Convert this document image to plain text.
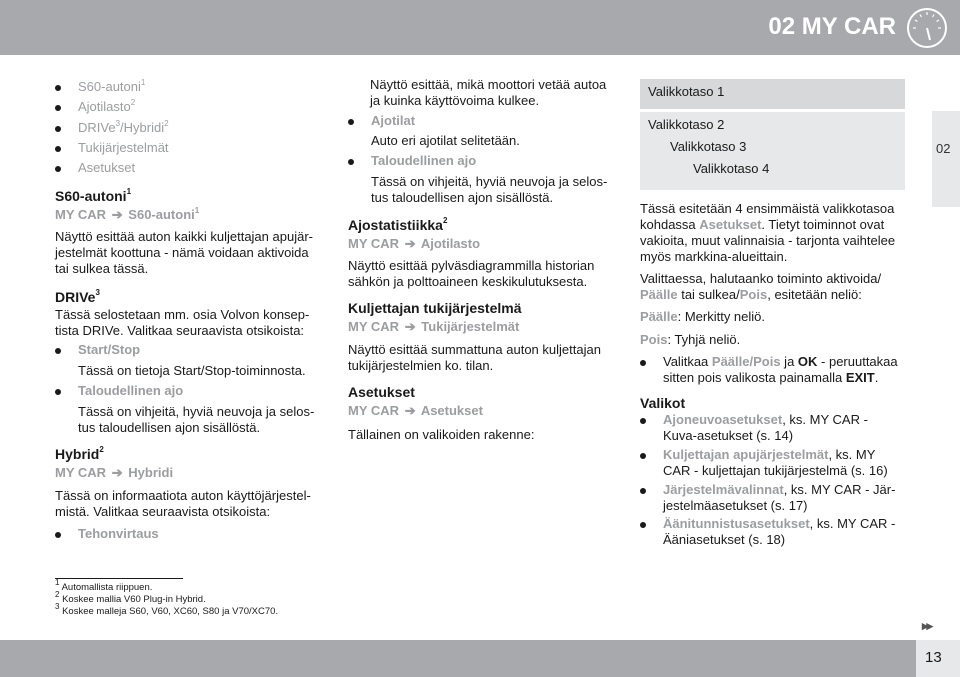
02 MY CAR
02
S60-autoni$^1$
Ajotilasto$^2$
DRIVe$^3$/Hybridi$^2$
Tukijärjestelmät
Asetukset
S60-autoni$^1$
MY CAR ➔ S60-autoni$^1$
Näyttö esittää auton kaikki kuljettajan apujär-
jestelmät koottuna - nämä voidaan aktivoida
tai sulkea tässä.
DRIVe$^3$
Tässä selostetaan mm. osia Volvon konsep-
tista DRIVe. Valitkaa seuraavista otsikoista:
Start/Stop
Tässä on tietoja Start/Stop-toiminnosta.
Taloudellinen ajo
Tässä on vihjeitä, hyviä neuvoja ja selos-
tus taloudellisen ajon sisällöstä.
Hybrid$^2$
MY CAR ➔ Hybridi
Tässä on informaatiota auton käyttöjärjestel-
mistä. Valitkaa seuraavista otsikoista:
Tehonvirtaus
Näyttö esittää, mikä moottori vetää autoa
ja kuinka käyttövoima kulkee.
Ajotilat
Auto eri ajotilat selitetään.
Taloudellinen ajo
Tässä on vihjeitä, hyviä neuvoja ja selos-
tus taloudellisen ajon sisällöstä.
Ajostatistiikka$^2$
MY CAR ➔ Ajotilasto
Näyttö esittää pylväsdiagrammilla historian
sähkön ja polttoaineen keskikulutuksesta.
Kuljettajan tukijärjestelmä
MY CAR ➔ Tukijärjestelmät
Näyttö esittää summattuna auton kuljettajan
tukijärjestelmien ko. tilan.
Asetukset
MY CAR ➔ Asetukset
Tällainen on valikoiden rakenne:
Valikkotaso 1
Valikkotaso 2
Valikkotaso 3
Valikkotaso 4
Tässä esitetään 4 ensimmäistä valikkotasoa
kohdassa Asetukset. Tietyt toiminnot ovat
vakioita, muut valinnaisia - tarjonta vaihtelee
myös markkina-alueittain.
Valittaessa, halutaanko toiminto aktivoida/
Päälle tai sulkea/Pois, esitetään neliö:
Päälle: Merkitty neliö.
Pois: Tyhjä neliö.
Valitkaa Päälle/Pois ja OK - peruuttakaa
sitten pois valikosta painamalla EXIT.
Valikot
Ajoneuvoasetukset, ks. MY CAR -
Kuva-asetukset (s. 14)
Kuljettajan apujärjestelmät, ks. MY
CAR - kuljettajan tukijärjestelmä (s. 16)
Järjestelmävalinnat, ks. MY CAR - Jär-
jestelmäasetukset (s. 17)
Äänitunnistusasetukset, ks. MY CAR -
Ääniasetukset (s. 18)
$^1$ Automallista riippuen.
$^2$ Koskee mallia V60 Plug-in Hybrid.
$^3$ Koskee malleja S60, V60, XC60, S80 ja V70/XC70.
▸▸
13
